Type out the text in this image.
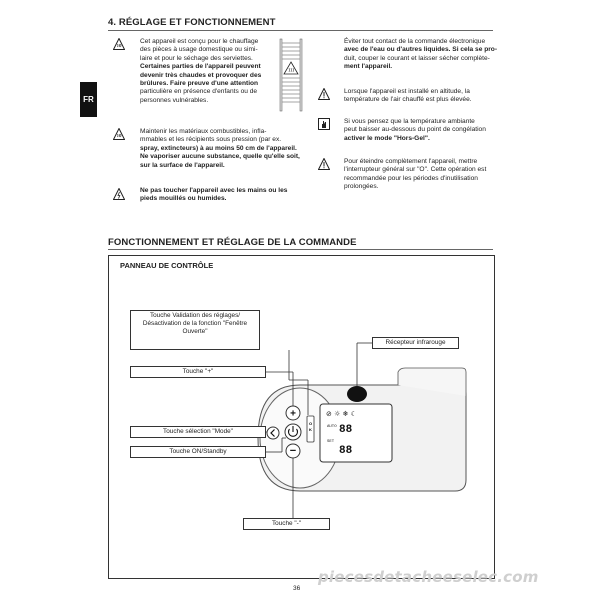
4. RÉGLAGE ET FONCTIONNEMENT
FR
Cet appareil est conçu pour le chauffage
des pièces à usage domestique ou simi-
laire et pour le séchage des serviettes.
Certaines parties de l'appareil peuvent
devenir très chaudes et provoquer des
brûlures. Faire preuve d'une attention
particulière en présence d'enfants ou de
personnes vulnérables.
Maintenir les matériaux combustibles, infla-
mmables et les récipients sous pression (par ex.
spray, extincteurs) à au moins 50 cm de l'appareil.
Ne vaporiser aucune substance, quelle qu'elle soit,
sur la surface de l'appareil.
Ne pas toucher l'appareil avec les mains ou les
pieds mouillés ou humides.
Éviter tout contact de la commande électronique
avec de l'eau ou d'autres liquides. Si cela se pro-
duit, couper le courant et laisser sécher complète-
ment l'appareil.
Lorsque l'appareil est installé en altitude, la
température de l'air chauffé est plus élevée.
Si vous pensez que la température ambiante
peut baisser au-dessous du point de congélation
activer le mode "Hors-Gel".
Pour éteindre complètement l'appareil, mettre
l'interrupteur général sur "O". Cette opération est
recommandée pour les périodes d'inutilisation
prolongées.
FONCTIONNEMENT ET RÉGLAGE DE LA COMMANDE
PANNEAU DE CONTRÔLE
+
−
O
K
⊘ ☼ ❄ ☾
88
88
AUTO
SET
Touche Validation des réglages/
Désactivation de la fonction "Fenêtre
Ouverte"
Récepteur infrarouge
Touche "+"
Touche sélection "Mode"
Touche ON/Standby
Touche "-"
36
piecesdetacheeselec.com
